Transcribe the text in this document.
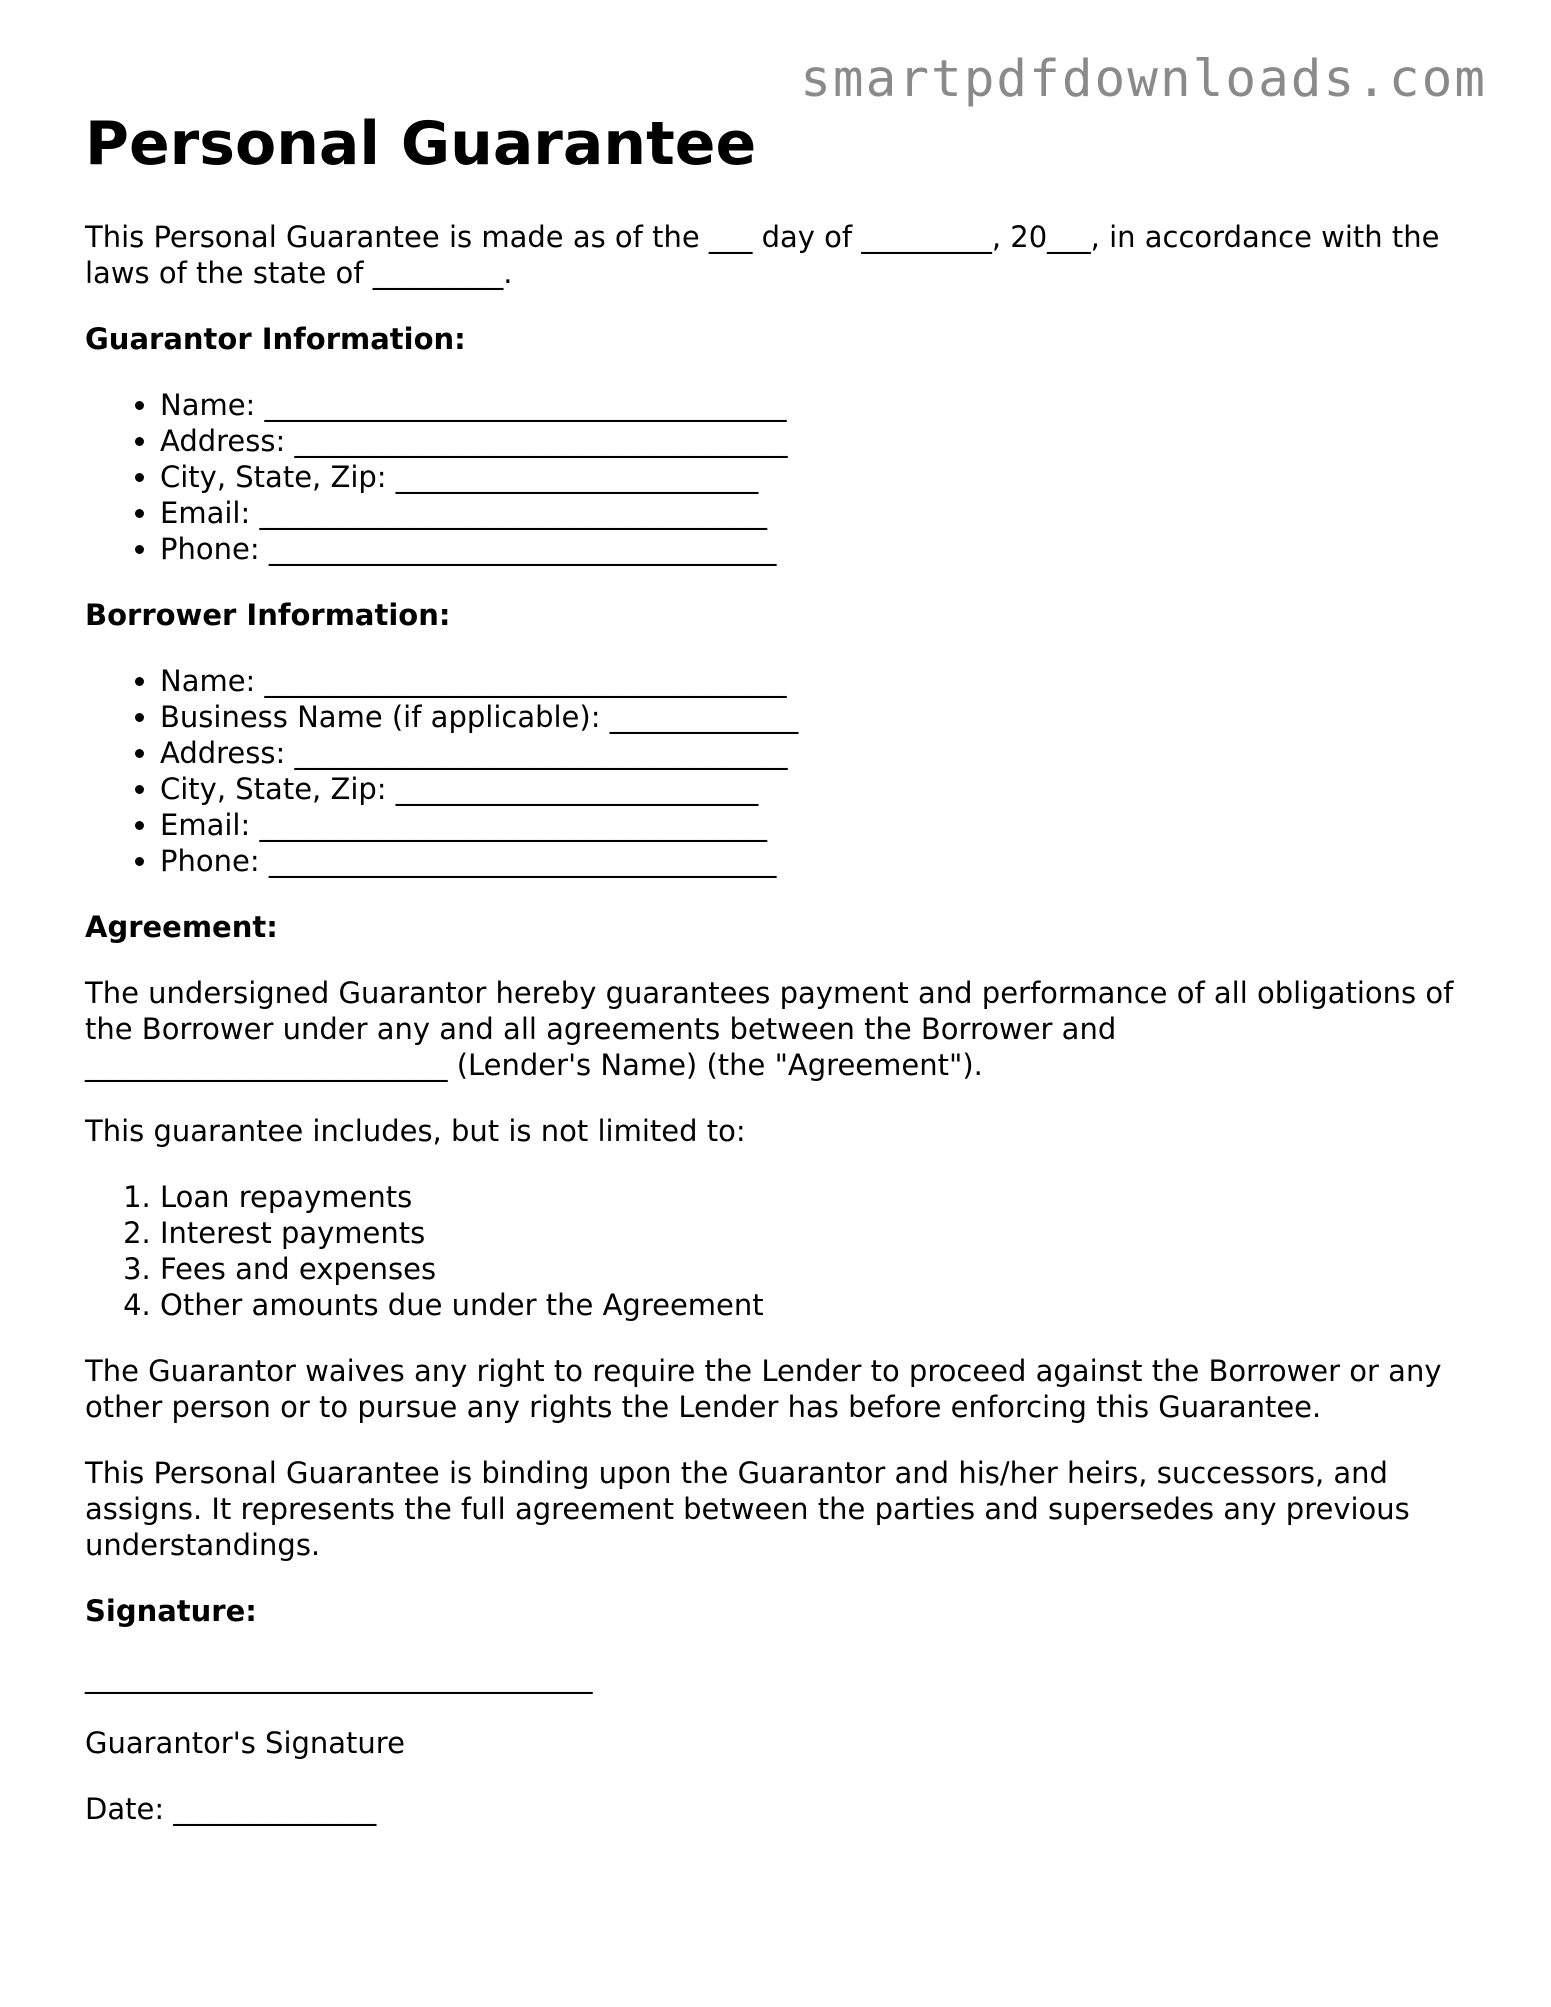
smartpdfdownloads.com
Personal Guarantee

This Personal Guarantee is made as of the ___ day of _________, 20___, in accordance with the laws of the state of _________.

Guarantor Information:
• Name: ____________________________________
• Address: __________________________________
• City, State, Zip: _________________________
• Email: ___________________________________
• Phone: ___________________________________
Borrower Information:
• Name: ____________________________________
• Business Name (if applicable): _____________
• Address: __________________________________
• City, State, Zip: _________________________
• Email: ___________________________________
• Phone: ___________________________________
Agreement:

The undersigned Guarantor hereby guarantees payment and performance of all obligations of the Borrower under any and all agreements between the Borrower and _________________________ (Lender's Name) (the "Agreement").

This guarantee includes, but is not limited to:

1. Loan repayments
2. Interest payments
3. Fees and expenses
4. Other amounts due under the Agreement

The Guarantor waives any right to require the Lender to proceed against the Borrower or any other person or to pursue any rights the Lender has before enforcing this Guarantee.

This Personal Guarantee is binding upon the Guarantor and his/her heirs, successors, and assigns. It represents the full agreement between the parties and supersedes any previous understandings.

Signature:

___________________________________

Guarantor's Signature

Date: ______________
